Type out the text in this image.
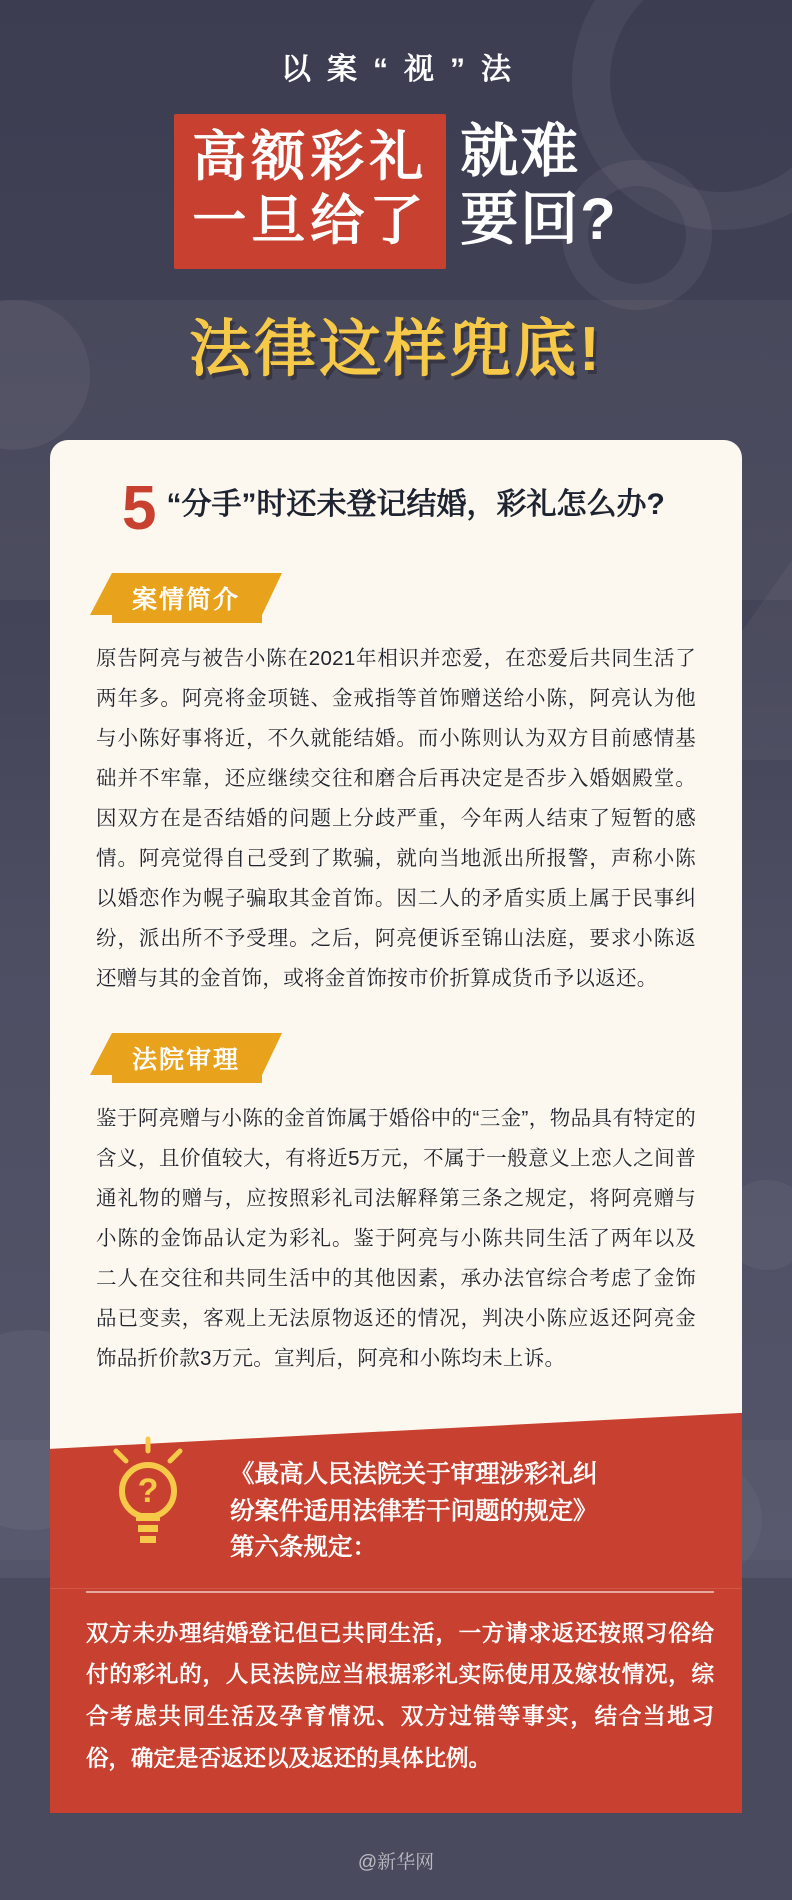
以案“视”法
高额彩礼
一旦给了
就难
要回?
法律这样兜底!
5 “分手”时还未登记结婚，彩礼怎么办?
案情简介
原告阿亮与被告小陈在2021年相识并恋爱，在恋爱后共同生活了两年多。阿亮将金项链、金戒指等首饰赠送给小陈，阿亮认为他与小陈好事将近，不久就能结婚。而小陈则认为双方目前感情基础并不牢靠，还应继续交往和磨合后再决定是否步入婚姻殿堂。因双方在是否结婚的问题上分歧严重，今年两人结束了短暂的感情。阿亮觉得自己受到了欺骗，就向当地派出所报警，声称小陈以婚恋作为幌子骗取其金首饰。因二人的矛盾实质上属于民事纠纷，派出所不予受理。之后，阿亮便诉至锦山法庭，要求小陈返还赠与其的金首饰，或将金首饰按市价折算成货币予以返还。
法院审理
鉴于阿亮赠与小陈的金首饰属于婚俗中的“三金”，物品具有特定的含义，且价值较大，有将近5万元，不属于一般意义上恋人之间普通礼物的赠与，应按照彩礼司法解释第三条之规定，将阿亮赠与小陈的金饰品认定为彩礼。鉴于阿亮与小陈共同生活了两年以及二人在交往和共同生活中的其他因素，承办法官综合考虑了金饰品已变卖，客观上无法原物返还的情况，判决小陈应返还阿亮金饰品折价款3万元。宣判后，阿亮和小陈均未上诉。
?	《最高人民法院关于审理涉彩礼纠
纷案件适用法律若干问题的规定》
第六条规定：
双方未办理结婚登记但已共同生活，一方请求返还按照习俗给付的彩礼的，人民法院应当根据彩礼实际使用及嫁妆情况，综合考虑共同生活及孕育情况、双方过错等事实，结合当地习俗，确定是否返还以及返还的具体比例。
@新华网
